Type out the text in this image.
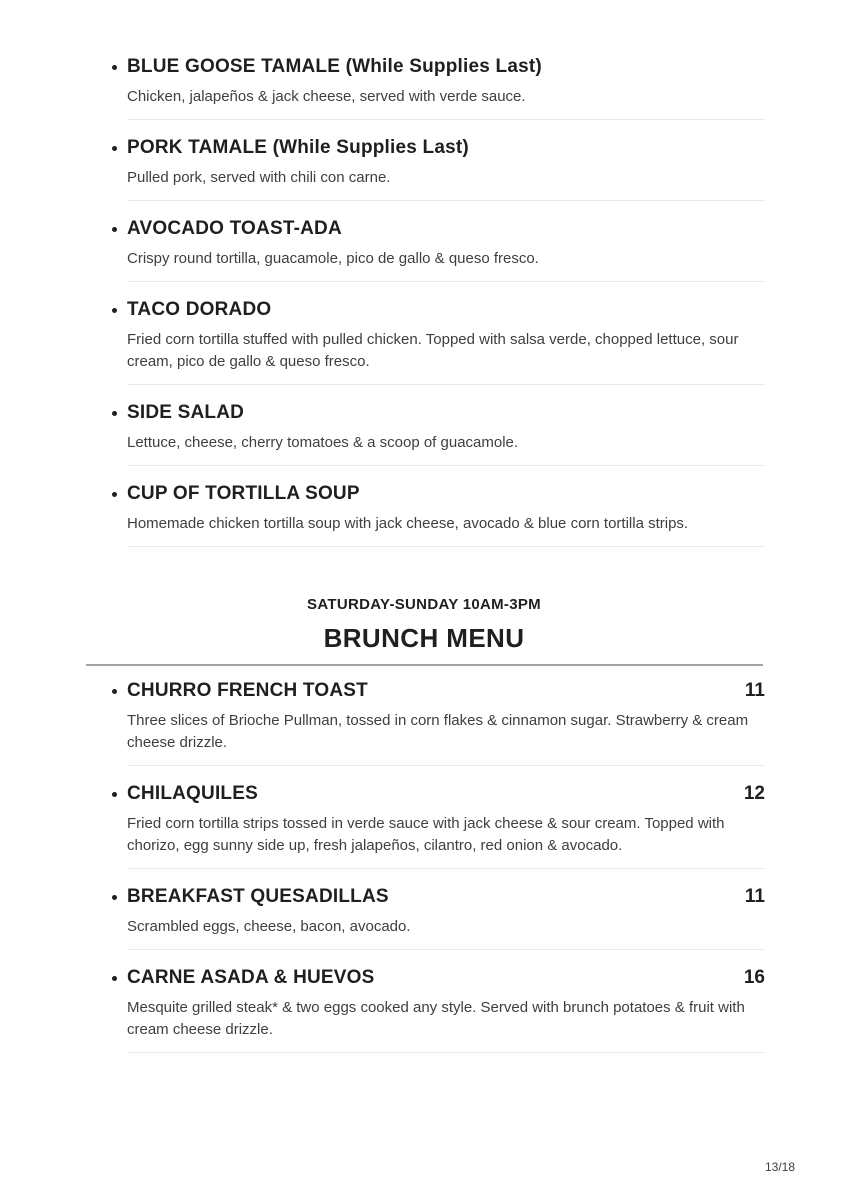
BLUE GOOSE TAMALE (While Supplies Last)
Chicken, jalapeños & jack cheese, served with verde sauce.
PORK TAMALE (While Supplies Last)
Pulled pork, served with chili con carne.
AVOCADO TOAST-ADA
Crispy round tortilla, guacamole, pico de gallo & queso fresco.
TACO DORADO
Fried corn tortilla stuffed with pulled chicken. Topped with salsa verde, chopped lettuce, sour cream, pico de gallo & queso fresco.
SIDE SALAD
Lettuce, cheese, cherry tomatoes & a scoop of guacamole.
CUP OF TORTILLA SOUP
Homemade chicken tortilla soup with jack cheese, avocado & blue corn tortilla strips.
SATURDAY-SUNDAY 10AM-3PM
BRUNCH MENU
CHURRO FRENCH TOAST	11
Three slices of Brioche Pullman, tossed in corn flakes & cinnamon sugar. Strawberry & cream cheese drizzle.
CHILAQUILES	12
Fried corn tortilla strips tossed in verde sauce with jack cheese & sour cream. Topped with chorizo, egg sunny side up, fresh jalapeños, cilantro, red onion & avocado.
BREAKFAST QUESADILLAS	11
Scrambled eggs, cheese, bacon, avocado.
CARNE ASADA & HUEVOS	16
Mesquite grilled steak* & two eggs cooked any style. Served with brunch potatoes & fruit with cream cheese drizzle.
13/18
